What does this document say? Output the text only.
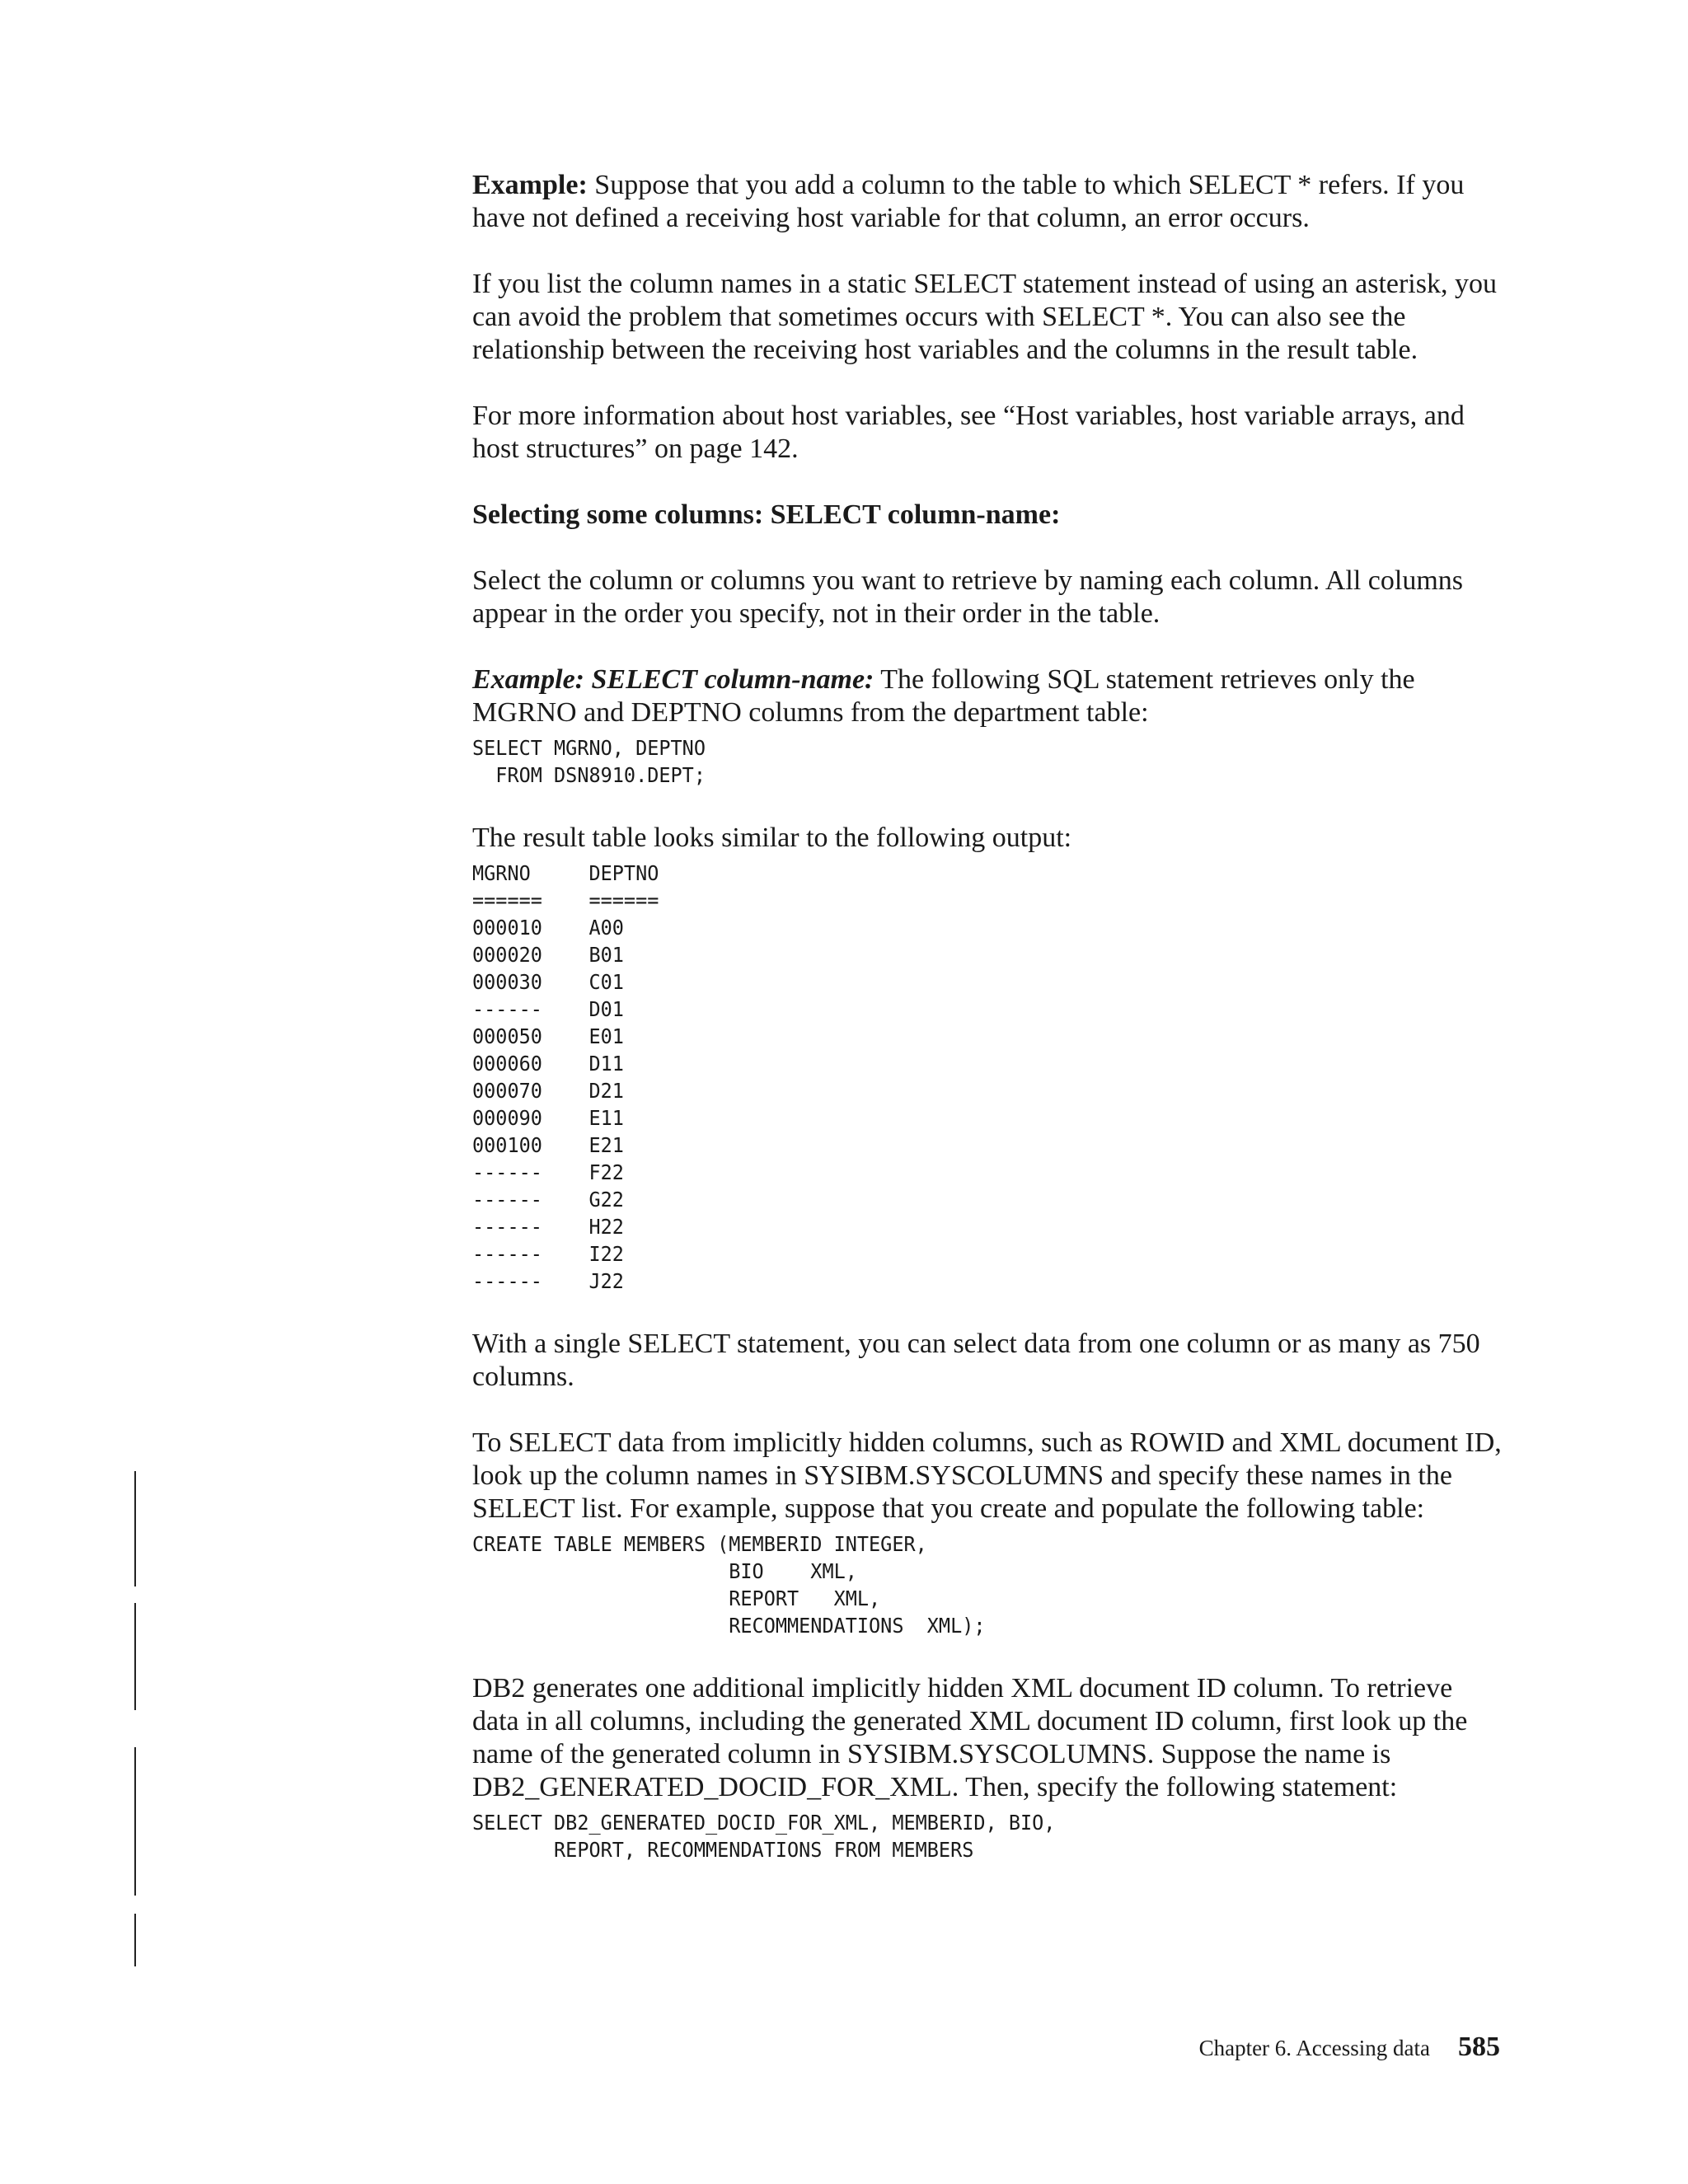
Example: Suppose that you add a column to the table to which SELECT * refers. If you have not defined a receiving host variable for that column, an error occurs.

If you list the column names in a static SELECT statement instead of using an asterisk, you can avoid the problem that sometimes occurs with SELECT *. You can also see the relationship between the receiving host variables and the columns in the result table.

For more information about host variables, see “Host variables, host variable arrays, and host structures” on page 142.

Selecting some columns: SELECT column-name:

Select the column or columns you want to retrieve by naming each column. All columns appear in the order you specify, not in their order in the table.

Example: SELECT column-name: The following SQL statement retrieves only the MGRNO and DEPTNO columns from the department table:

SELECT MGRNO, DEPTNO
FROM DSN8910.DEPT;

The result table looks similar to the following output:

MGRNO     DEPTNO
======    ======
000010    A00
000020    B01
000030    C01
------    D01
000050    E01
000060    D11
000070    D21
000090    E11
000100    E21
------    F22
------    G22
------    H22
------    I22
------    J22

With a single SELECT statement, you can select data from one column or as many as 750 columns.

To SELECT data from implicitly hidden columns, such as ROWID and XML document ID, look up the column names in SYSIBM.SYSCOLUMNS and specify these names in the SELECT list. For example, suppose that you create and populate the following table:

CREATE TABLE MEMBERS (MEMBERID INTEGER,
BIO    XML,
REPORT   XML,
RECOMMENDATIONS  XML);

DB2 generates one additional implicitly hidden XML document ID column. To retrieve data in all columns, including the generated XML document ID column, first look up the name of the generated column in SYSIBM.SYSCOLUMNS. Suppose the name is DB2_GENERATED_DOCID_FOR_XML. Then, specify the following statement:

SELECT DB2_GENERATED_DOCID_FOR_XML, MEMBERID, BIO,
REPORT, RECOMMENDATIONS FROM MEMBERS
Chapter 6. Accessing data 585
